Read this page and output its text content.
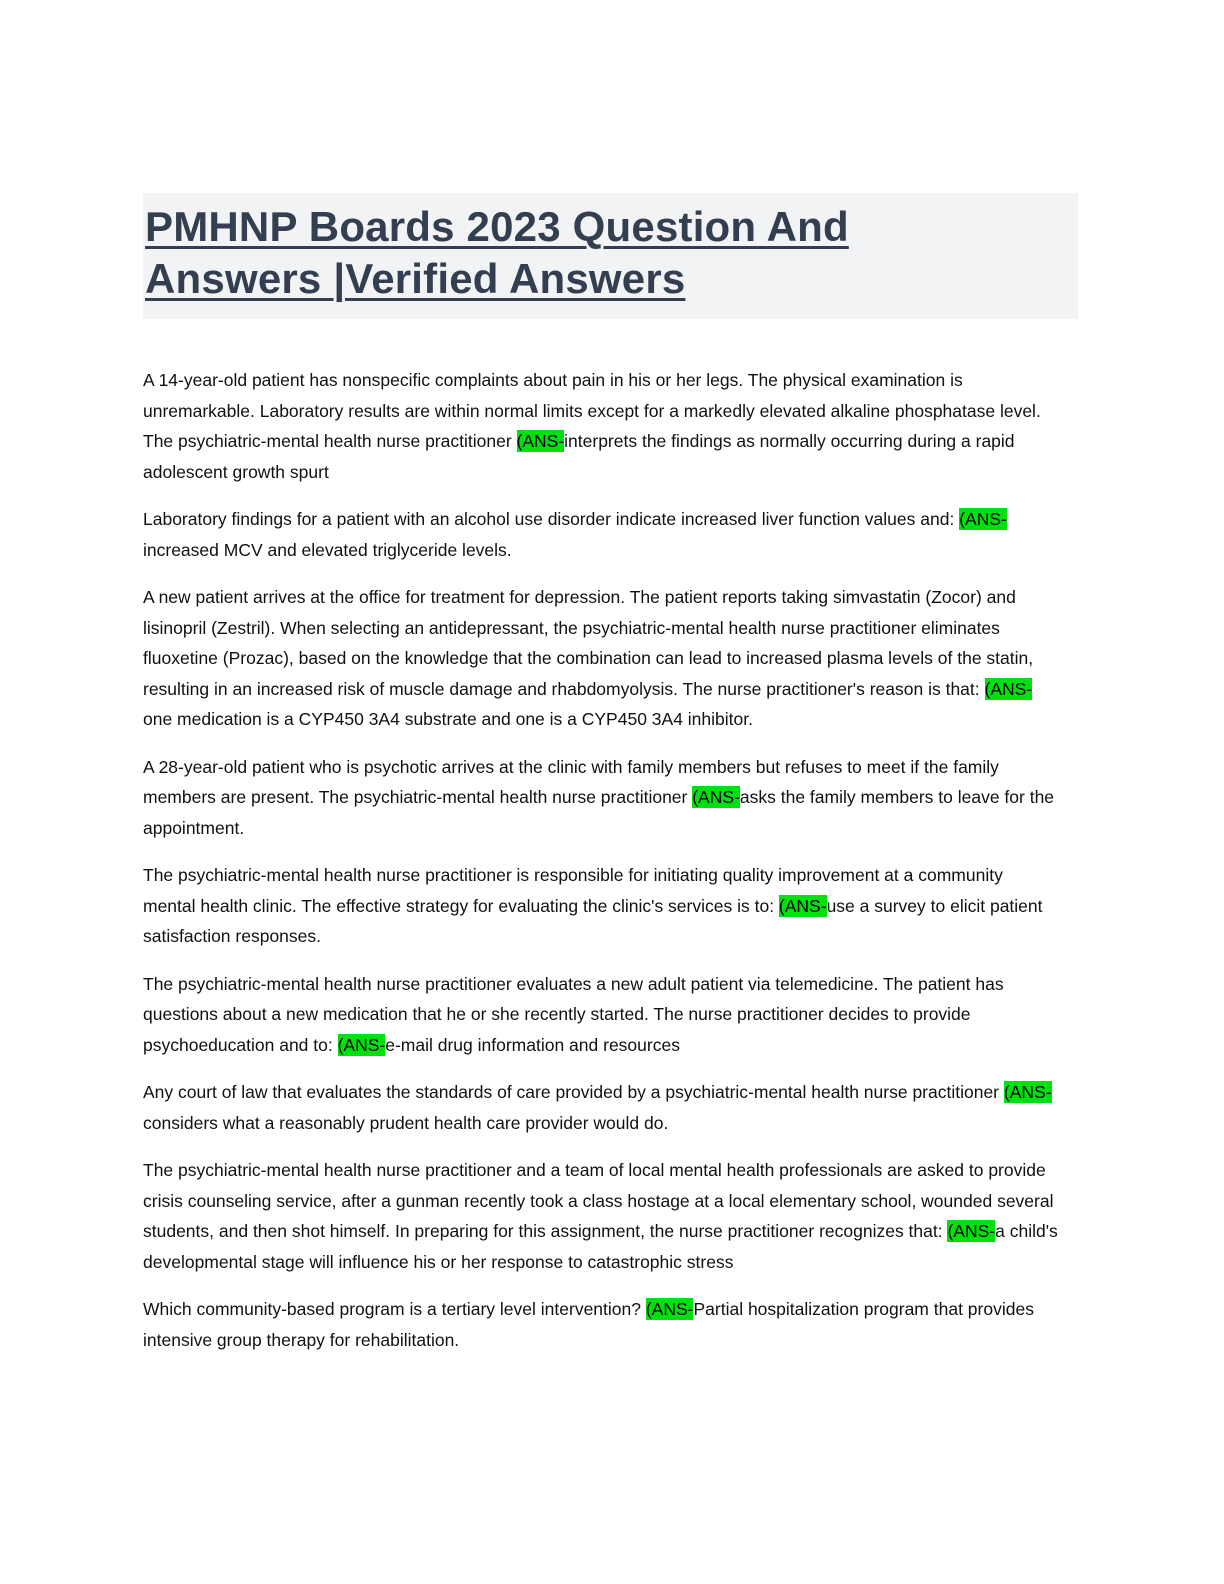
PMHNP Boards 2023 Question And
Answers |Verified Answers

A 14-year-old patient has nonspecific complaints about pain in his or her legs. The physical examination is unremarkable. Laboratory results are within normal limits except for a markedly elevated alkaline phosphatase level. The psychiatric-mental health nurse practitioner (ANS-interprets the findings as normally occurring during a rapid adolescent growth spurt

Laboratory findings for a patient with an alcohol use disorder indicate increased liver function values and: (ANS-increased MCV and elevated triglyceride levels.

A new patient arrives at the office for treatment for depression. The patient reports taking simvastatin (Zocor) and lisinopril (Zestril). When selecting an antidepressant, the psychiatric-mental health nurse practitioner eliminates fluoxetine (Prozac), based on the knowledge that the combination can lead to increased plasma levels of the statin, resulting in an increased risk of muscle damage and rhabdomyolysis. The nurse practitioner's reason is that: (ANS-one medication is a CYP450 3A4 substrate and one is a CYP450 3A4 inhibitor.

A 28-year-old patient who is psychotic arrives at the clinic with family members but refuses to meet if the family members are present. The psychiatric-mental health nurse practitioner (ANS-asks the family members to leave for the appointment.

The psychiatric-mental health nurse practitioner is responsible for initiating quality improvement at a community mental health clinic. The effective strategy for evaluating the clinic's services is to: (ANS-use a survey to elicit patient satisfaction responses.

The psychiatric-mental health nurse practitioner evaluates a new adult patient via telemedicine. The patient has questions about a new medication that he or she recently started. The nurse practitioner decides to provide psychoeducation and to: (ANS-e-mail drug information and resources

Any court of law that evaluates the standards of care provided by a psychiatric-mental health nurse practitioner (ANS-considers what a reasonably prudent health care provider would do.

The psychiatric-mental health nurse practitioner and a team of local mental health professionals are asked to provide crisis counseling service, after a gunman recently took a class hostage at a local elementary school, wounded several students, and then shot himself. In preparing for this assignment, the nurse practitioner recognizes that: (ANS-a child's developmental stage will influence his or her response to catastrophic stress

Which community-based program is a tertiary level intervention? (ANS-Partial hospitalization program that provides intensive group therapy for rehabilitation.
